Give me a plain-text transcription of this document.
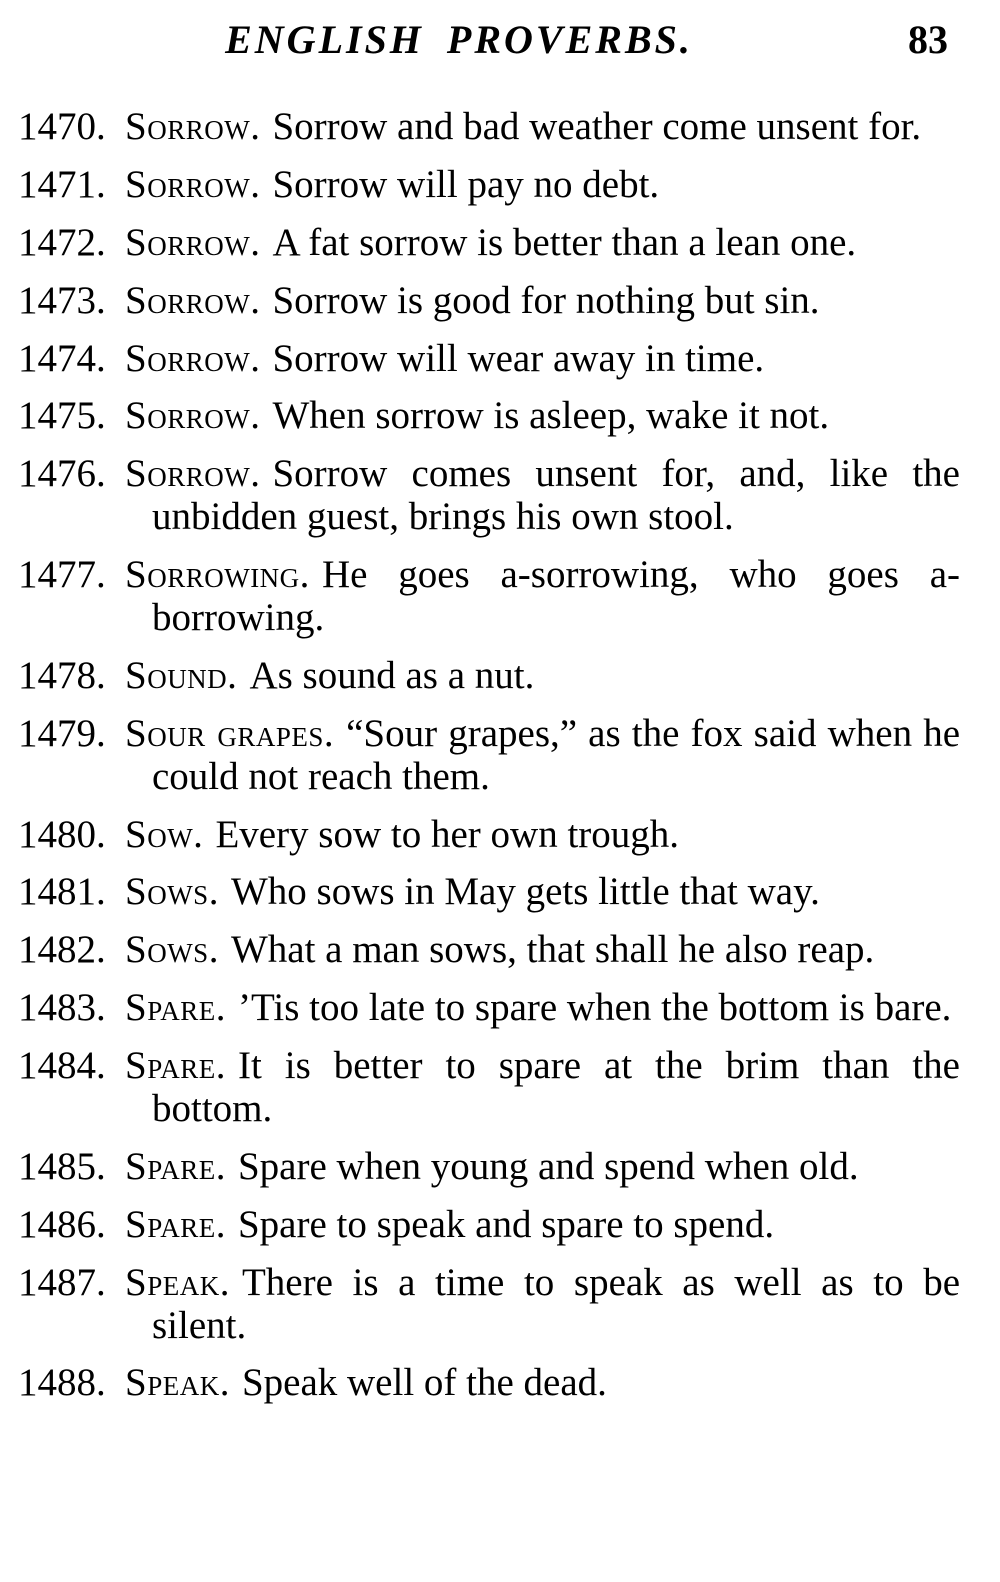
ENGLISH PROVERBS.	83
1470. Sorrow. Sorrow and bad weather come unsent for.
1471. Sorrow. Sorrow will pay no debt.
1472. Sorrow. A fat sorrow is better than a lean one.
1473. Sorrow. Sorrow is good for nothing but sin.
1474. Sorrow. Sorrow will wear away in time.
1475. Sorrow. When sorrow is asleep, wake it not.
1476. Sorrow. Sorrow comes unsent for, and, like the unbidden guest, brings his own stool.
1477. Sorrowing. He goes a-sorrowing, who goes a-borrowing.
1478. Sound. As sound as a nut.
1479. Sour grapes. “Sour grapes,” as the fox said when he could not reach them.
1480. Sow. Every sow to her own trough.
1481. Sows. Who sows in May gets little that way.
1482. Sows. What a man sows, that shall he also reap.
1483. Spare. ’Tis too late to spare when the bottom is bare.
1484. Spare. It is better to spare at the brim than the bottom.
1485. Spare. Spare when young and spend when old.
1486. Spare. Spare to speak and spare to spend.
1487. Speak. There is a time to speak as well as to be silent.
1488. Speak. Speak well of the dead.
